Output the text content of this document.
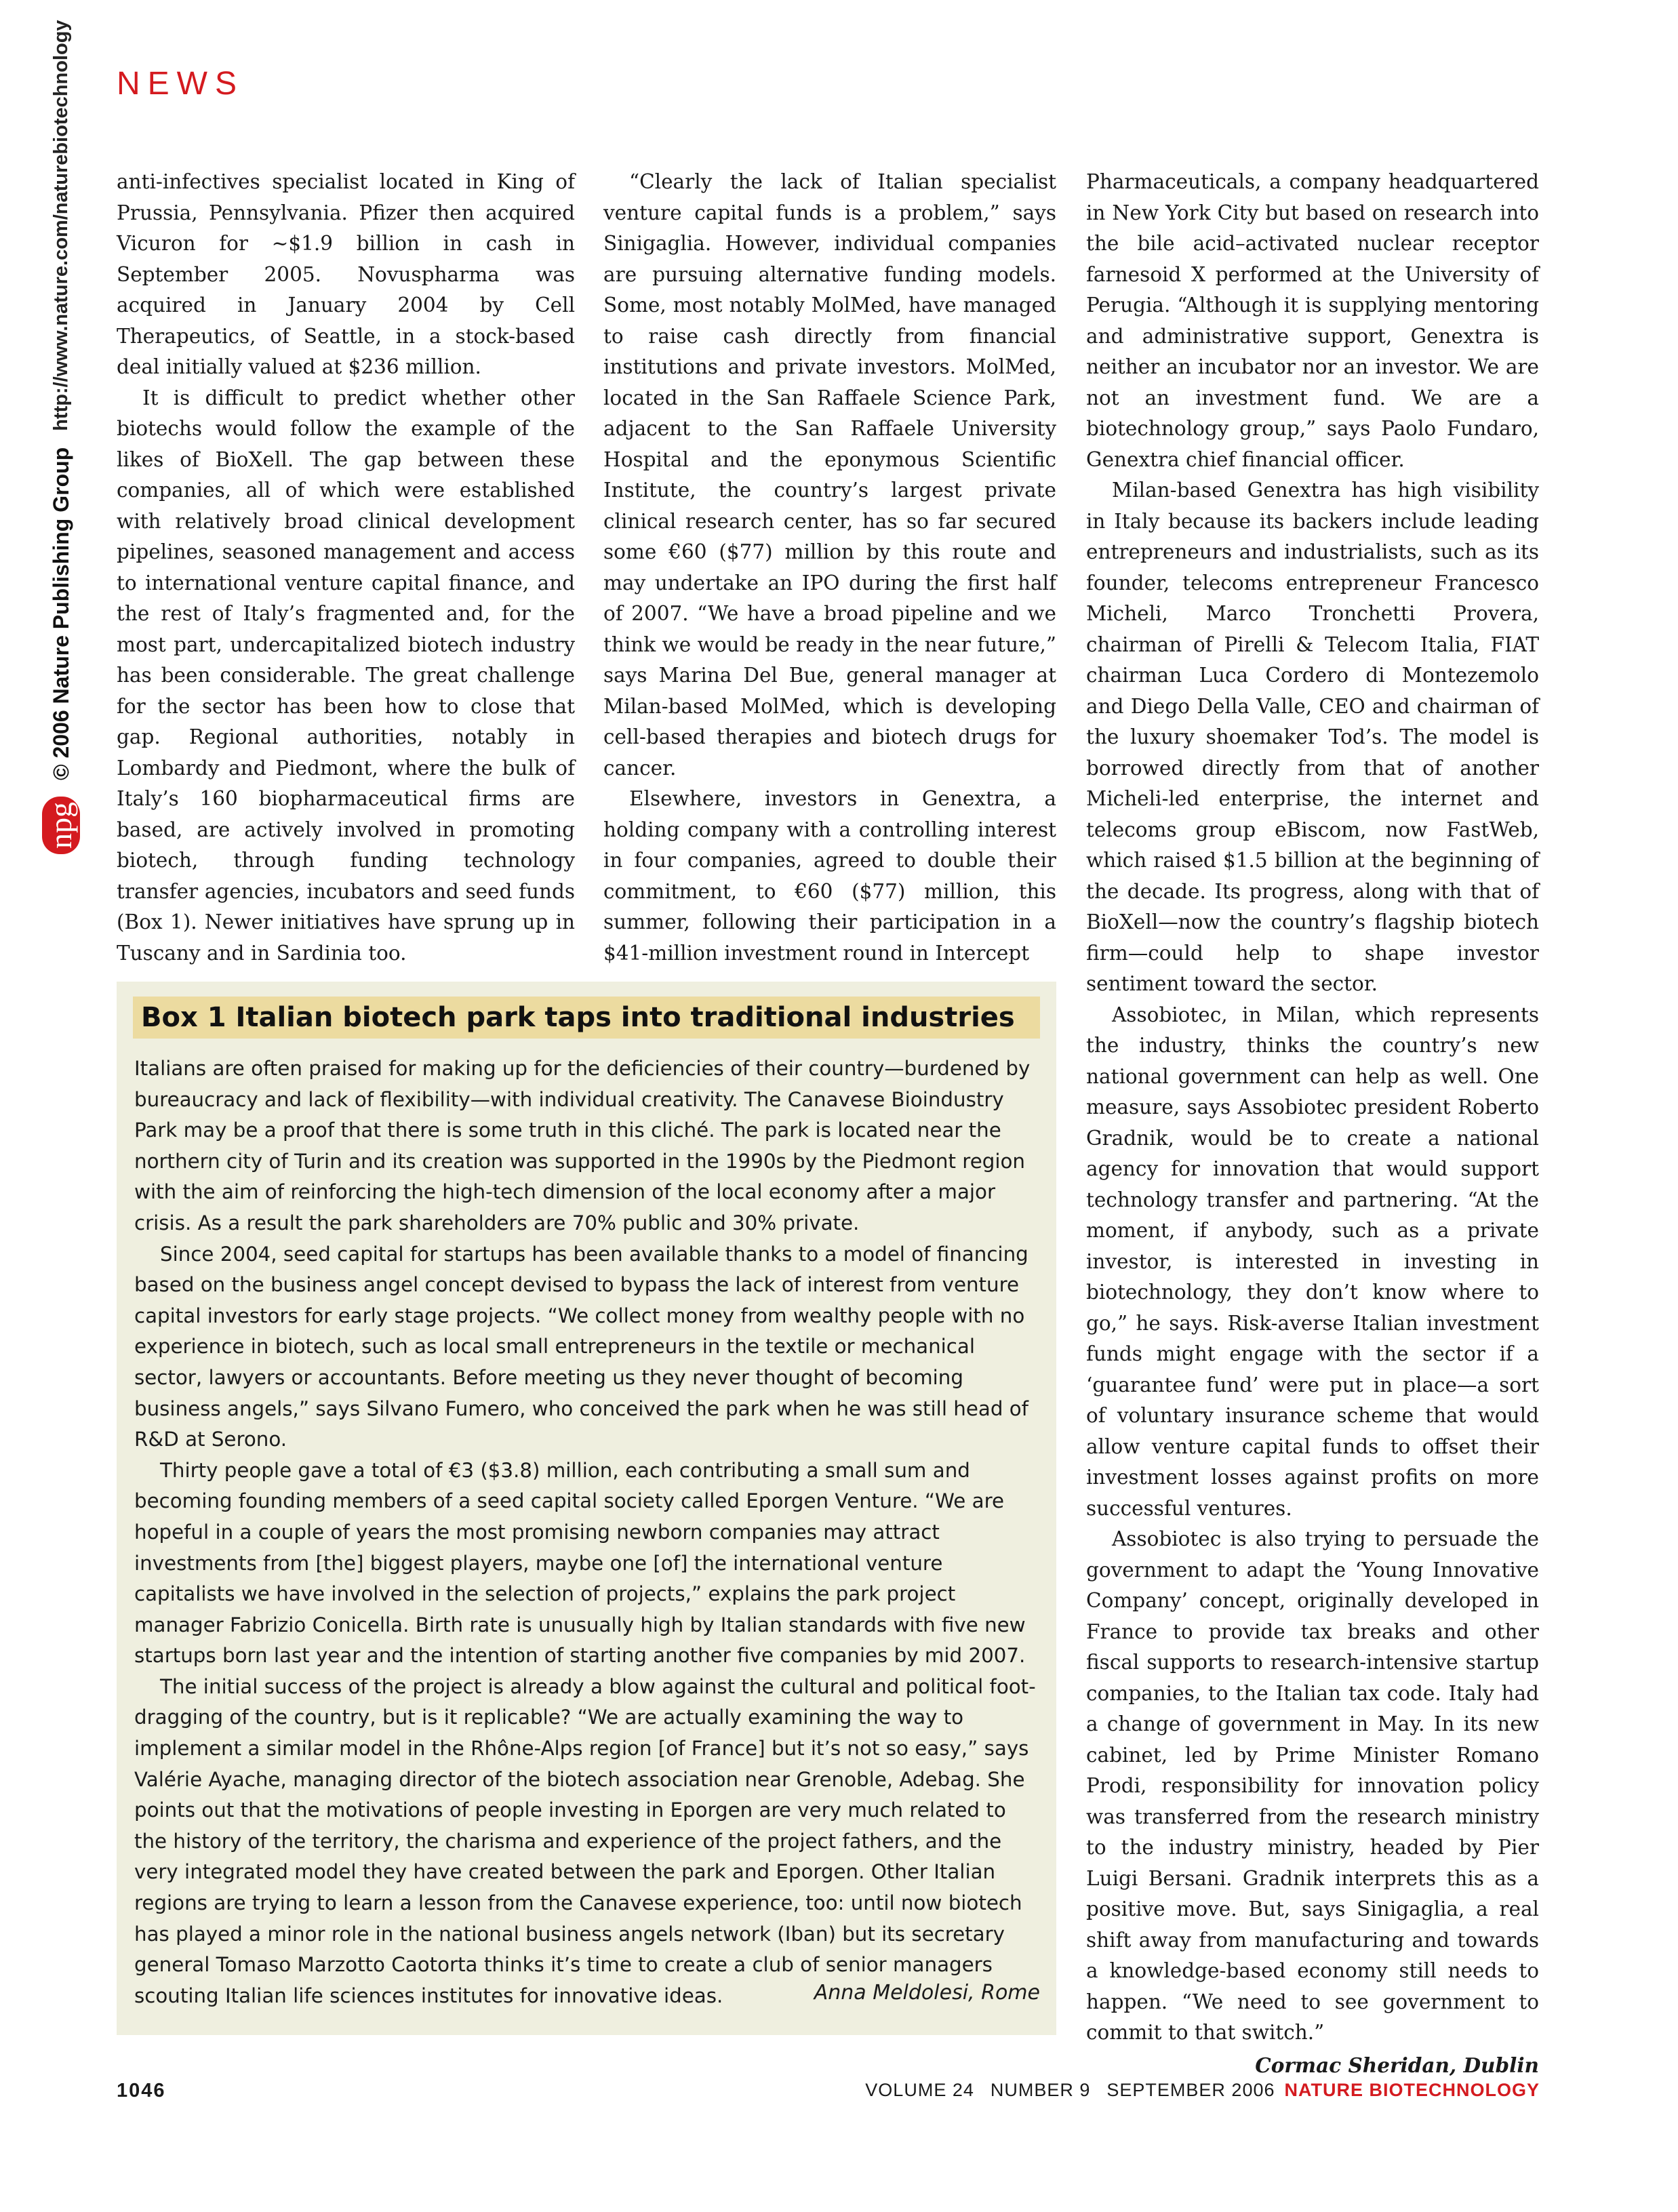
NEWS
npg
© 2006 Nature Publishing Group
http://www.nature.com/naturebiotechnology anti-infectives specialist located in King of Prussia, Pennsylvania. Pfizer then acquired Vicuron for ~$1.9 billion in cash in September 2005. Novuspharma was acquired in January 2004 by Cell Therapeutics, of Seattle, in a stock-based deal initially valued at $236 million.

It is difficult to predict whether other biotechs would follow the example of the likes of BioXell. The gap between these companies, all of which were established with relatively broad clinical development pipelines, seasoned management and access to international venture capital finance, and the rest of Italy’s fragmented and, for the most part, undercapitalized biotech industry has been considerable. The great challenge for the sector has been how to close that gap. Regional authorities, notably in Lombardy and Piedmont, where the bulk of Italy’s 160 biopharmaceutical firms are based, are actively involved in promoting biotech, through funding technology transfer agencies, incubators and seed funds (Box 1). Newer initiatives have sprung up in Tuscany and in Sardinia too.

“Clearly the lack of Italian specialist venture capital funds is a problem,” says Sinigaglia. However, individual companies are pursuing alternative funding models. Some, most notably MolMed, have managed to raise cash directly from financial institutions and private investors. MolMed, located in the San Raffaele Science Park, adjacent to the San Raffaele University Hospital and the eponymous Scientific Institute, the country’s largest private clinical research center, has so far secured some €60 ($77) million by this route and may undertake an IPO during the first half of 2007. “We have a broad pipeline and we think we would be ready in the near future,” says Marina Del Bue, general manager at Milan-based MolMed, which is developing cell-based therapies and biotech drugs for cancer.

Elsewhere, investors in Genextra, a holding company with a controlling interest in four companies, agreed to double their commitment, to €60 ($77) million, this summer, following their participation in a $41-million investment round in Intercept

Pharmaceuticals, a company headquartered in New York City but based on research into the bile acid–activated nuclear receptor farnesoid X performed at the University of Perugia. “Although it is supplying mentoring and administrative support, Genextra is neither an incubator nor an investor. We are not an investment fund. We are a biotechnology group,” says Paolo Fundaro, Genextra chief financial officer.

Milan-based Genextra has high visibility in Italy because its backers include leading entrepreneurs and industrialists, such as its founder, telecoms entrepreneur Francesco Micheli, Marco Tronchetti Provera, chairman of Pirelli & Telecom Italia, FIAT chairman Luca Cordero di Montezemolo and Diego Della Valle, CEO and chairman of the luxury shoemaker Tod’s. The model is borrowed directly from that of another Micheli-led enterprise, the internet and telecoms group eBiscom, now FastWeb, which raised $1.5 billion at the beginning of the decade. Its progress, along with that of BioXell—now the country’s flagship biotech firm—could help to shape investor sentiment toward the sector.

Assobiotec, in Milan, which represents the industry, thinks the country’s new national government can help as well. One measure, says Assobiotec president Roberto Gradnik, would be to create a national agency for innovation that would support technology transfer and partnering. “At the moment, if anybody, such as a private investor, is interested in investing in biotechnology, they don’t know where to go,” he says. Risk-averse Italian investment funds might engage with the sector if a ‘guarantee fund’ were put in place—a sort of voluntary insurance scheme that would allow venture capital funds to offset their investment losses against profits on more successful ventures.

Assobiotec is also trying to persuade the government to adapt the ‘Young Innovative Company’ concept, originally developed in France to provide tax breaks and other fiscal supports to research-intensive startup companies, to the Italian tax code. Italy had a change of government in May. In its new cabinet, led by Prime Minister Romano Prodi, responsibility for innovation policy was transferred from the research ministry to the industry ministry, headed by Pier Luigi Bersani. Gradnik interprets this as a positive move. But, says Sinigaglia, a real shift away from manufacturing and towards a knowledge-based economy still needs to happen. “We need to see government to commit to that switch.”

Cormac Sheridan, Dublin

Box 1 Italian biotech park taps into traditional industries

Italians are often praised for making up for the deficiencies of their country—burdened by bureaucracy and lack of flexibility—with individual creativity. The Canavese Bioindustry Park may be a proof that there is some truth in this cliché. The park is located near the northern city of Turin and its creation was supported in the 1990s by the Piedmont region with the aim of reinforcing the high-tech dimension of the local economy after a major crisis. As a result the park shareholders are 70% public and 30% private.

Since 2004, seed capital for startups has been available thanks to a model of financing based on the business angel concept devised to bypass the lack of interest from venture capital investors for early stage projects. “We collect money from wealthy people with no experience in biotech, such as local small entrepreneurs in the textile or mechanical sector, lawyers or accountants. Before meeting us they never thought of becoming business angels,” says Silvano Fumero, who conceived the park when he was still head of R&D at Serono.

Thirty people gave a total of €3 ($3.8) million, each contributing a small sum and becoming founding members of a seed capital society called Eporgen Venture. “We are hopeful in a couple of years the most promising newborn companies may attract investments from [the] biggest players, maybe one [of] the international venture capitalists we have involved in the selection of projects,” explains the park project manager Fabrizio Conicella. Birth rate is unusually high by Italian standards with five new startups born last year and the intention of starting another five companies by mid 2007.

The initial success of the project is already a blow against the cultural and political foot-dragging of the country, but is it replicable? “We are actually examining the way to implement a similar model in the Rhône-Alps region [of France] but it’s not so easy,” says Valérie Ayache, managing director of the biotech association near Grenoble, Adebag. She points out that the motivations of people investing in Eporgen are very much related to the history of the territory, the charisma and experience of the project fathers, and the very integrated model they have created between the park and Eporgen. Other Italian regions are trying to learn a lesson from the Canavese experience, too: until now biotech has played a minor role in the national business angels network (Iban) but its secretary general Tomaso Marzotto Caotorta thinks it’s time to create a club of senior managers scouting Italian life sciences institutes for innovative ideas.	Anna Meldolesi, Rome
1046	VOLUME 24 NUMBER 9 SEPTEMBER 2006 NATURE BIOTECHNOLOGY
